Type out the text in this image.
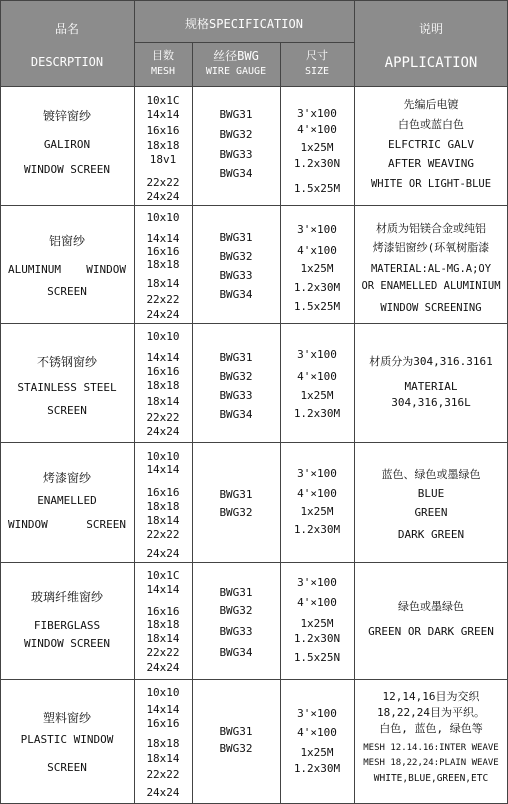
品名
DESCRPTION
规格SPECIFICATION
目数
MESH
丝径BWG
WIRE GAUGE
尺寸
SIZE
说明
APPLICATION
镀锌窗纱
GALIRON
WINDOW SCREEN
10x1C
14x14
16x16
18x18
18v1
22x22
24x24
BWG31
BWG32
BWG33
BWG34
3'x100
4'×100
1x25M
1.2x30N
1.5x25M
先编后电镀
白色或蓝白色
ELFCTRIC GALV
AFTER WEAVING
WHITE OR LIGHT-BLUE
铝窗纱
ALUMINUM WINDOW
SCREEN
10x10
14x14
16x16
18x18
18x14
22x22
24x24
BWG31
BWG32
BWG33
BWG34
3'×100
4'x100
1x25M
1.2x30M
1.5x25M
材质为铝镁合金或纯铝
烤漆铝窗纱(环氧树脂漆
MATERIAL:AL-MG.A;OY
OR ENAMELLED ALUMINIUM
WINDOW SCREENING
不锈钢窗纱
STAINLESS STEEL
SCREEN
10x10
14x14
16x16
18x18
18x14
22x22
24x24
BWG31
BWG32
BWG33
BWG34
3'x100
4'×100
1x25M
1.2x30M
材质分为304,316.3161
MATERIAL
304,316,316L
烤漆窗纱
ENAMELLED
WINDOW	SCREEN
10x10
14x14
16x16
18x18
18x14
22x22
24x24
BWG31
BWG32
3'×100
4'×100
1x25M
1.2x30M
蓝色、绿色或墨绿色
BLUE
GREEN
DARK GREEN
玻璃纤维窗纱
FIBERGLASS
WINDOW SCREEN
10x1C
14x14
16x16
18x18
18x14
22x22
24x24
BWG31
BWG32
BWG33
BWG34
3'×100
4'×100
1x25M
1.2x30N
1.5x25N
绿色或墨绿色
GREEN OR DARK GREEN
塑料窗纱
PLASTIC WINDOW
SCREEN
10x10
14x14
16x16
18x18
18x14
22x22
24x24
BWG31
BWG32
3'×100
4'×100
1x25M
1.2x30M
12,14,16目为交织
18,22,24目为平织。
白色, 蓝色, 绿色等
MESH 12.14.16:INTER WEAVE
MESH 18,22,24:PLAIN WEAVE
WHITE,BLUE,GREEN,ETC
